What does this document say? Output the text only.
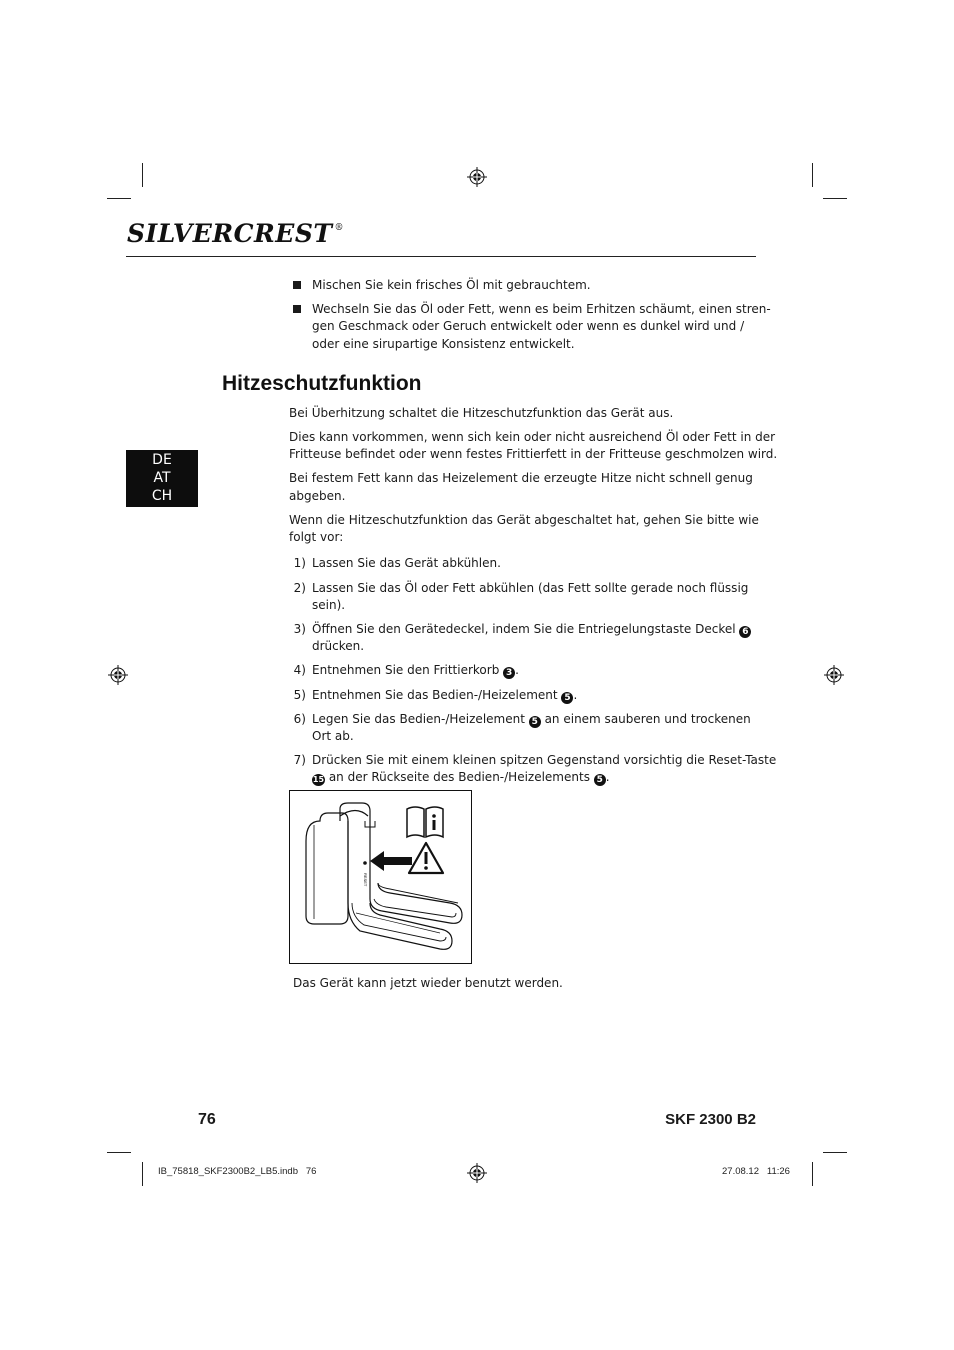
SILVERCREST ®
Mischen Sie kein frisches Öl mit gebrauchtem.
Wechseln Sie das Öl oder Fett, wenn es beim Erhitzen schäumt, einen stren-
gen Geschmack oder Geruch entwickelt oder wenn es dunkel wird und /
oder eine sirupartige Konsistenz entwickelt.
Hitzeschutzfunktion
DE
AT
CH
Bei Überhitzung schaltet die Hitzeschutzfunktion das Gerät aus.
Dies kann vorkommen, wenn sich kein oder nicht ausreichend Öl oder Fett in der
Fritteuse befindet oder wenn festes Frittierfett in der Fritteuse geschmolzen wird.
Bei festem Fett kann das Heizelement die erzeugte Hitze nicht schnell genug
abgeben.
Wenn die Hitzeschutzfunktion das Gerät abgeschaltet hat, gehen Sie bitte wie
folgt vor:
1) Lassen Sie das Gerät abkühlen.
2) Lassen Sie das Öl oder Fett abkühlen (das Fett sollte gerade noch flüssig
sein).
3) Öffnen Sie den Gerätedeckel, indem Sie die Entriegelungstaste Deckel 6
drücken.
4) Entnehmen Sie den Frittierkorb 3 .
5) Entnehmen Sie das Bedien-/Heizelement 5 .
6) Legen Sie das Bedien-/Heizelement 5 an einem sauberen und trockenen
Ort ab.
7) Drücken Sie mit einem kleinen spitzen Gegenstand vorsichtig die Reset-Taste
15 an der Rückseite des Bedien-/Heizelements 5 .
RESET
Das Gerät kann jetzt wieder benutzt werden.
76	SKF 2300 B2
IB_75818_SKF2300B2_LB5.indb   76	27.08.12   11:26
